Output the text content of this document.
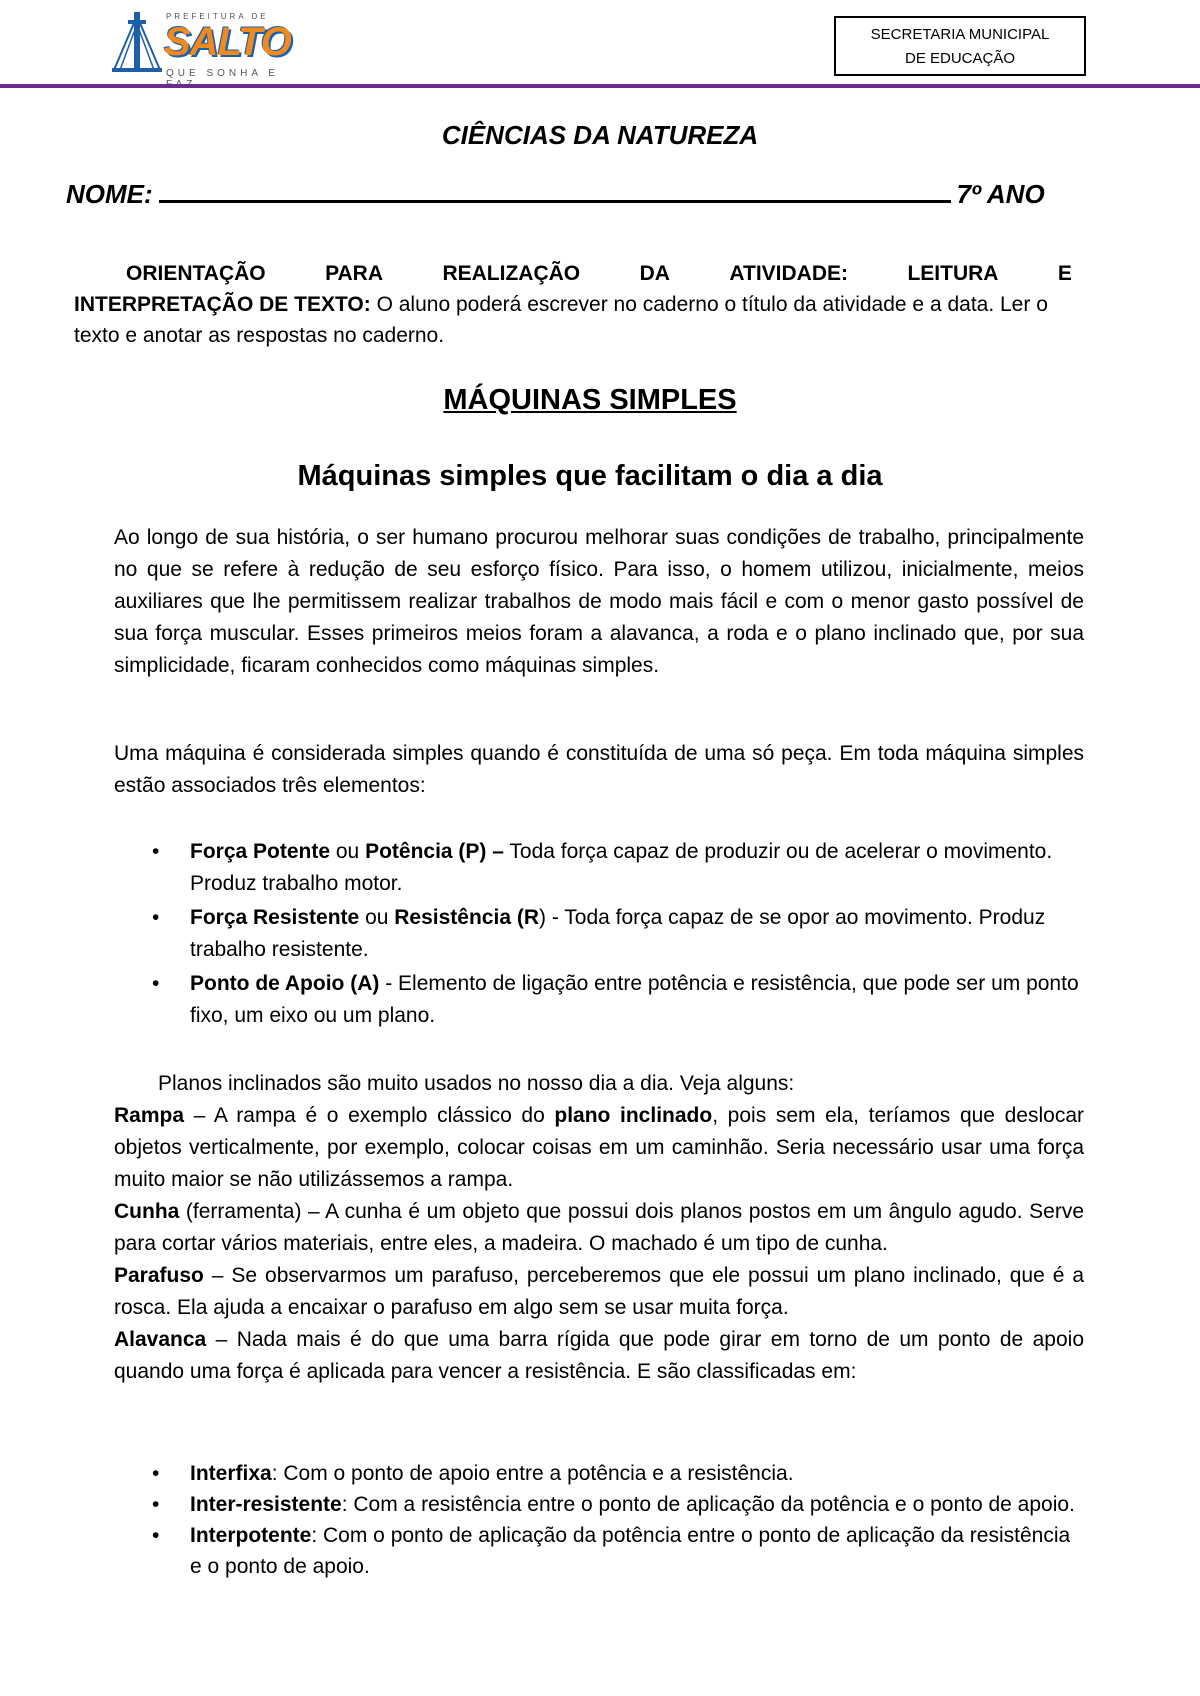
PREFEITURA DE
SALTO
QUE SONHA E
SECRETARIA MUNICIPAL
DE EDUCAÇÃO
CIÊNCIAS DA NATUREZA
NOME:	7º ANO
ORIENTAÇÃO	PARA	REALIZAÇÃO	DA	ATIVIDADE:	LEITURA	E
INTERPRETAÇÃO DE TEXTO: O aluno poderá escrever no caderno o título da atividade e a data. Ler o texto e anotar as respostas no caderno.
MÁQUINAS SIMPLES
Máquinas simples que facilitam o dia a dia
Ao longo de sua história, o ser humano procurou melhorar suas condições de trabalho, principalmente no que se refere à redução de seu esforço físico. Para isso, o homem utilizou, inicialmente, meios auxiliares que lhe permitissem realizar trabalhos de modo mais fácil e com o menor gasto possível de sua força muscular. Esses primeiros meios foram a alavanca, a roda e o plano inclinado que, por sua simplicidade, ficaram conhecidos como máquinas simples.
Uma máquina é considerada simples quando é constituída de uma só peça. Em toda máquina simples estão associados três elementos:
• Força Potente ou Potência (P) – Toda força capaz de produzir ou de acelerar o movimento. Produz trabalho motor.
• Força Resistente ou Resistência (R) - Toda força capaz de se opor ao movimento. Produz trabalho resistente.
• Ponto de Apoio (A) - Elemento de ligação entre potência e resistência, que pode ser um ponto fixo, um eixo ou um plano.
Planos inclinados são muito usados no nosso dia a dia. Veja alguns:
Rampa – A rampa é o exemplo clássico do plano inclinado, pois sem ela, teríamos que deslocar objetos verticalmente, por exemplo, colocar coisas em um caminhão. Seria necessário usar uma força muito maior se não utilizássemos a rampa.
Cunha (ferramenta) – A cunha é um objeto que possui dois planos postos em um ângulo agudo. Serve para cortar vários materiais, entre eles, a madeira. O machado é um tipo de cunha.
Parafuso – Se observarmos um parafuso, perceberemos que ele possui um plano inclinado, que é a rosca. Ela ajuda a encaixar o parafuso em algo sem se usar muita força.
Alavanca – Nada mais é do que uma barra rígida que pode girar em torno de um ponto de apoio quando uma força é aplicada para vencer a resistência. E são classificadas em:
• Interfixa: Com o ponto de apoio entre a potência e a resistência.
• Inter-resistente: Com a resistência entre o ponto de aplicação da potência e o ponto de apoio.
• Interpotente: Com o ponto de aplicação da potência entre o ponto de aplicação da resistência e o ponto de apoio.
